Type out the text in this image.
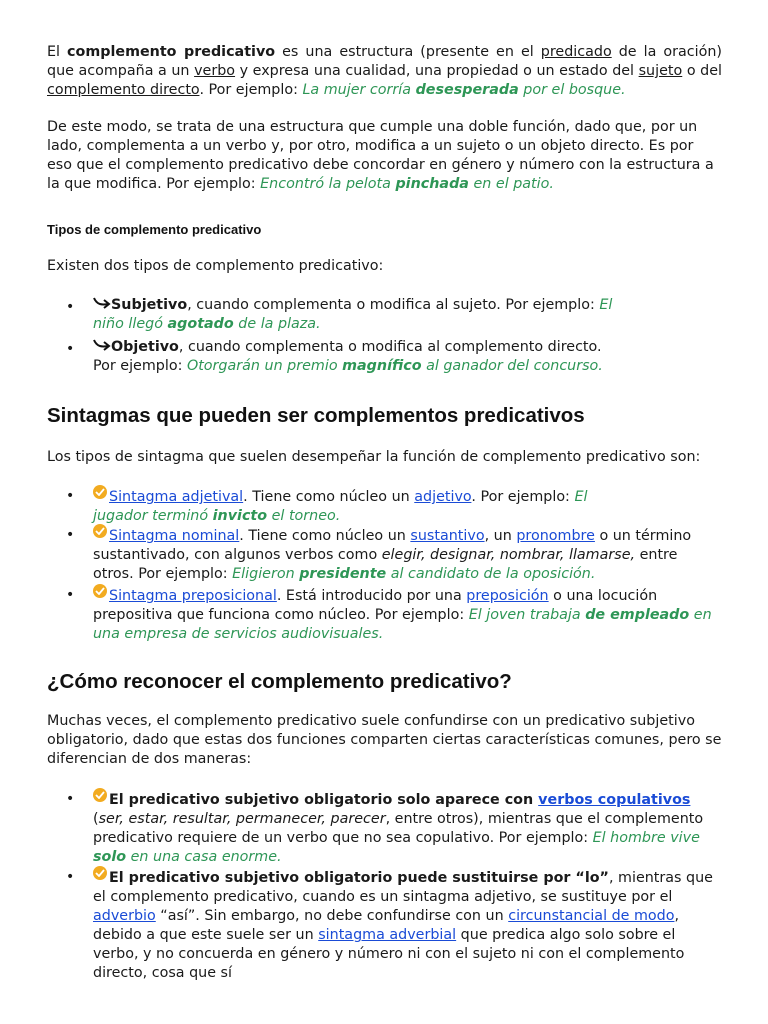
El complemento predicativo es una estructura (presente en el predicado de la oración) que acompaña a un verbo y expresa una cualidad, una propiedad o un estado del sujeto o del complemento directo. Por ejemplo: La mujer corría desesperada por el bosque.

De este modo, se trata de una estructura que cumple una doble función, dado que, por un lado, complementa a un verbo y, por otro, modifica a un sujeto o un objeto directo. Es por eso que el complemento predicativo debe concordar en género y número con la estructura a la que modifica. Por ejemplo: Encontró la pelota pinchada en el patio.

Tipos de complemento predicativo

Existen dos tipos de complemento predicativo:

•	Subjetivo, cuando complementa o modifica al sujeto. Por ejemplo: El niño llegó agotado de la plaza.

•	Objetivo, cuando complementa o modifica al complemento directo. Por ejemplo: Otorgarán un premio magnífico al ganador del concurso.

Sintagmas que pueden ser complementos predicativos

Los tipos de sintagma que suelen desempeñar la función de complemento predicativo son:

•	Sintagma adjetival. Tiene como núcleo un adjetivo. Por ejemplo: El jugador terminó invicto el torneo.

•	Sintagma nominal. Tiene como núcleo un sustantivo, un pronombre o un término sustantivado, con algunos verbos como elegir, designar, nombrar, llamarse, entre otros. Por ejemplo: Eligieron presidente al candidato de la oposición.

•	Sintagma preposicional. Está introducido por una preposición o una locución prepositiva que funciona como núcleo. Por ejemplo: El joven trabaja de empleado en una empresa de servicios audiovisuales.

¿Cómo reconocer el complemento predicativo?

Muchas veces, el complemento predicativo suele confundirse con un predicativo subjetivo obligatorio, dado que estas dos funciones comparten ciertas características comunes, pero se diferencian de dos maneras:

•	El predicativo subjetivo obligatorio solo aparece con verbos copulativos (ser, estar, resultar, permanecer, parecer, entre otros), mientras que el complemento predicativo requiere de un verbo que no sea copulativo. Por ejemplo: El hombre vive solo en una casa enorme.

•	El predicativo subjetivo obligatorio puede sustituirse por “lo”, mientras que el complemento predicativo, cuando es un sintagma adjetivo, se sustituye por el adverbio “así”. Sin embargo, no debe confundirse con un circunstancial de modo, debido a que este suele ser un sintagma adverbial que predica algo solo sobre el verbo, y no concuerda en género y número ni con el sujeto ni con el complemento directo, cosa que sí
